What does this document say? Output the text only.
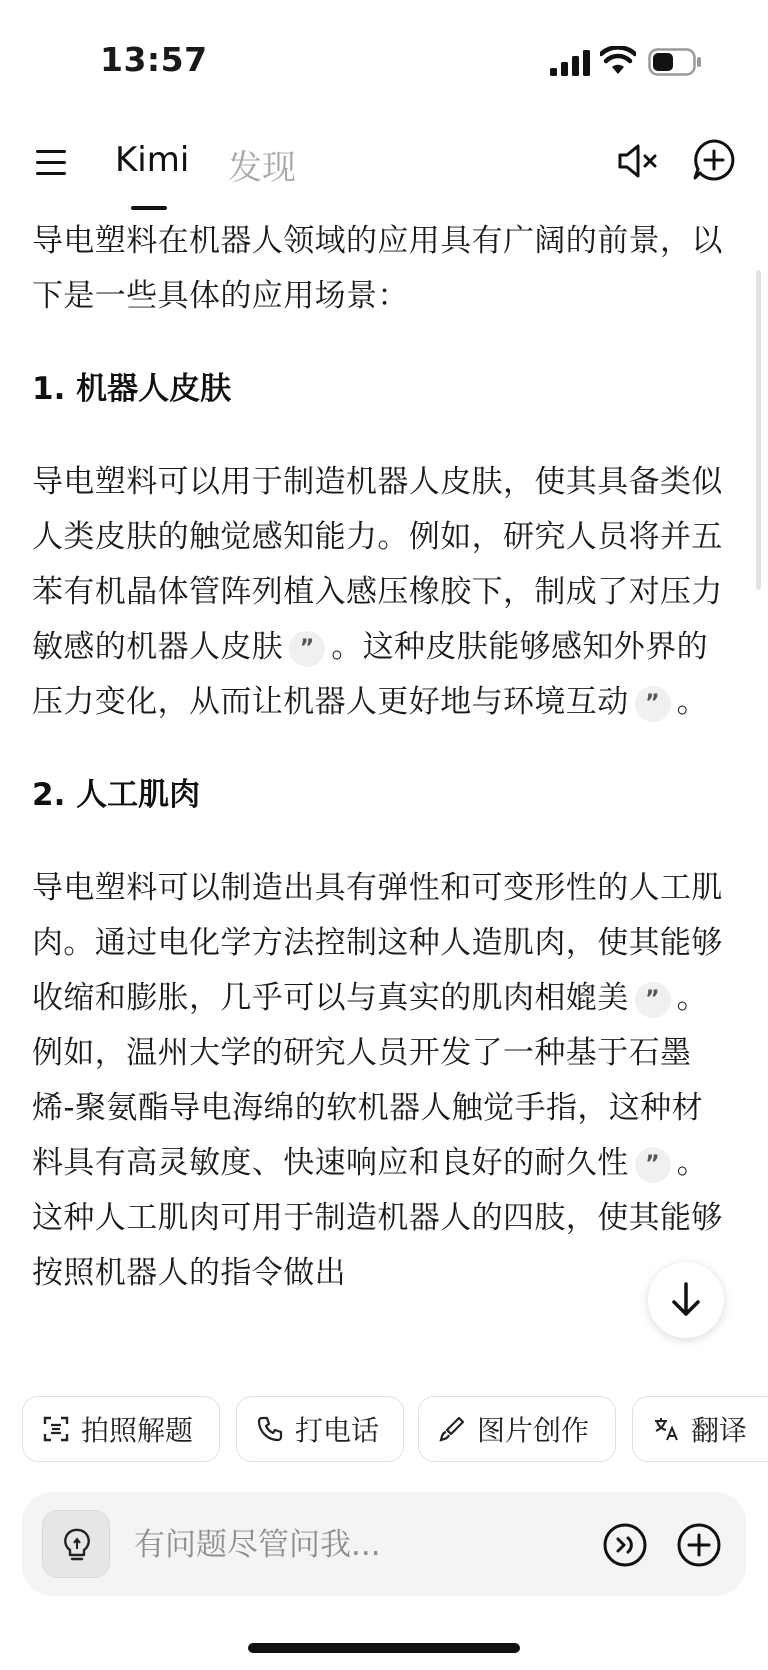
13:57
Kimi 发现

导电塑料在机器人领域的应用具有广阔的前景，以下是一些具体的应用场景：

1. 机器人皮肤

导电塑料可以用于制造机器人皮肤，使其具备类似人类皮肤的触觉感知能力。例如，研究人员将并五苯有机晶体管阵列植入感压橡胶下，制成了对压力敏感的机器人皮肤 ” 。这种皮肤能够感知外界的压力变化，从而让机器人更好地与环境互动 ” 。

2. 人工肌肉

导电塑料可以制造出具有弹性和可变形性的人工肌肉。通过电化学方法控制这种人造肌肉，使其能够收缩和膨胀，几乎可以与真实的肌肉相媲美 ” 。例如，温州大学的研究人员开发了一种基于石墨烯-聚氨酯导电海绵的软机器人触觉手指，这种材料具有高灵敏度、快速响应和良好的耐久性 ” 。这种人工肌肉可用于制造机器人的四肢，使其能够按照机器人的指令做出

拍照解题	打电话	图片创作	翻译
有问题尽管问我...
